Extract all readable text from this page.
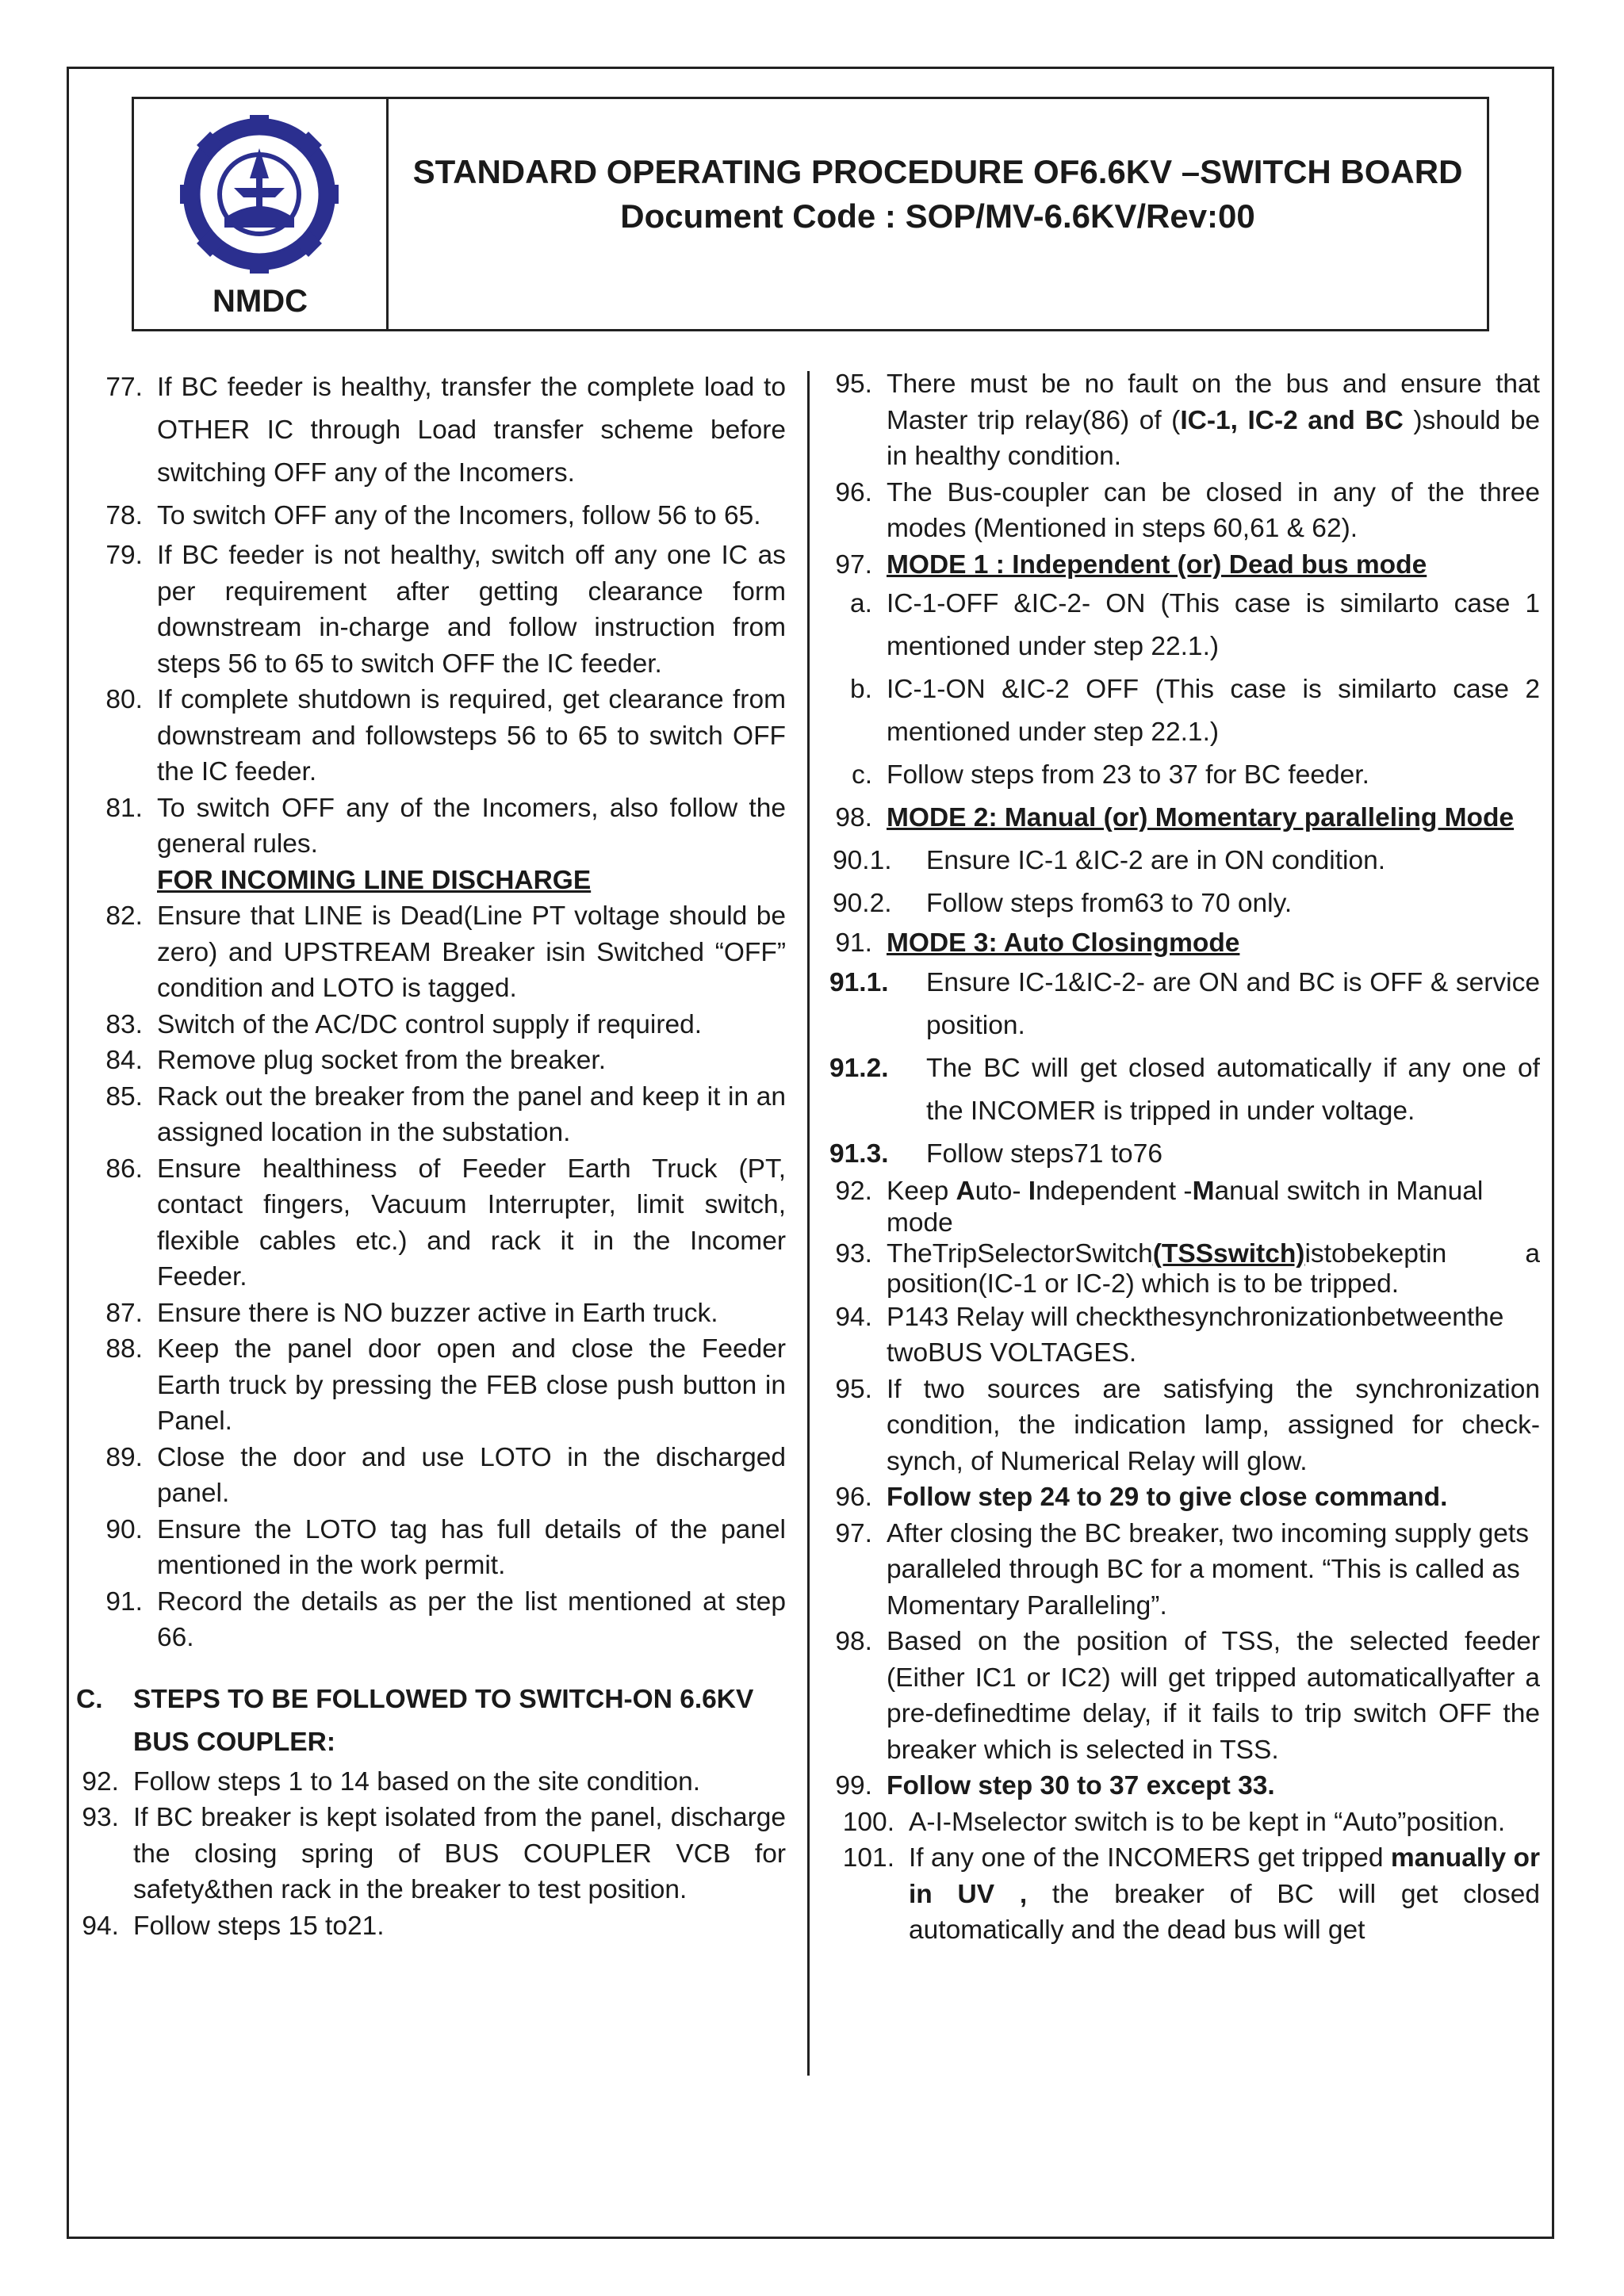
NMDC
STANDARD OPERATING PROCEDURE OF6.6KV –SWITCH BOARD
Document Code : SOP/MV-6.6KV/Rev:00
77. If BC feeder is healthy, transfer the complete load to OTHER IC through Load transfer scheme before switching OFF any of the Incomers.
78. To switch OFF any of the Incomers, follow 56 to 65.
79. If BC feeder is not healthy, switch off any one IC as per requirement after getting clearance form downstream in-charge and follow instruction from steps 56 to 65 to switch OFF the IC feeder.
80. If complete shutdown is required, get clearance from downstream and followsteps 56 to 65 to switch OFF the IC feeder.
81. To switch OFF any of the Incomers, also follow the general rules.
FOR INCOMING LINE DISCHARGE
82. Ensure that LINE is Dead(Line PT voltage should be zero) and UPSTREAM Breaker isin Switched “OFF” condition and LOTO is tagged.
83. Switch of the AC/DC control supply if required.
84. Remove plug socket from the breaker.
85. Rack out the breaker from the panel and keep it in an assigned location in the substation.
86. Ensure healthiness of Feeder Earth Truck (PT, contact fingers, Vacuum Interrupter, limit switch, flexible cables etc.) and rack it in the Incomer Feeder.
87. Ensure there is NO buzzer active in Earth truck.
88. Keep the panel door open and close the Feeder Earth truck by pressing the FEB close push button in Panel.
89. Close the door and use LOTO in the discharged panel.
90. Ensure the LOTO tag has full details of the panel mentioned in the work permit.
91. Record the details as per the list mentioned at step 66.
C.	STEPS TO BE FOLLOWED TO SWITCH-ON 6.6KV BUS COUPLER:
92. Follow steps 1 to 14 based on the site condition.
93. If BC breaker is kept isolated from the panel, discharge the closing spring of BUS COUPLER VCB for safety&then rack in the breaker to test position.
94. Follow steps 15 to21.
95. There must be no fault on the bus and ensure that Master trip relay(86) of (IC-1, IC-2 and BC )should be in healthy condition.
96. The Bus-coupler can be closed in any of the three modes (Mentioned in steps 60,61 & 62).
97. MODE 1 : Independent (or) Dead bus mode
a. IC-1-OFF &IC-2- ON (This case is similarto case 1 mentioned under step 22.1.)
b. IC-1-ON &IC-2 OFF (This case is similarto case 2 mentioned under step 22.1.)
c. Follow steps from 23 to 37 for BC feeder.
98. MODE 2: Manual (or) Momentary paralleling Mode
90.1.	Ensure IC-1 &IC-2 are in ON condition.
90.2.	Follow steps from63 to 70 only.
91. MODE 3: Auto Closingmode
91.1.	Ensure IC-1&IC-2- are ON and BC is OFF & service position.
91.2.	The BC will get closed automatically if any one of the INCOMER is tripped in under voltage.
91.3.	Follow steps71 to76
92. Keep Auto- Independent -Manual switch in Manual mode
93. TheTripSelectorSwitch(TSSswitch)istobekeptin a position(IC-1 or IC-2) which is to be tripped.
94. P143 Relay will checkthesynchronizationbetweenthe twoBUS VOLTAGES.
95. If two sources are satisfying the synchronization condition, the indication lamp, assigned for check-synch, of Numerical Relay will glow.
96. Follow step 24 to 29 to give close command.
97. After closing the BC breaker, two incoming supply gets paralleled through BC for a moment. “This is called as Momentary Paralleling”.
98. Based on the position of TSS, the selected feeder (Either IC1 or IC2) will get tripped automaticallyafter a pre-definedtime delay, if it fails to trip switch OFF the breaker which is selected in TSS.
99. Follow step 30 to 37 except 33.
100. A-I-Mselector switch is to be kept in “Auto”position.
101. If any one of the INCOMERS get tripped manually or in UV , the breaker of BC will get closed automatically and the dead bus will get
